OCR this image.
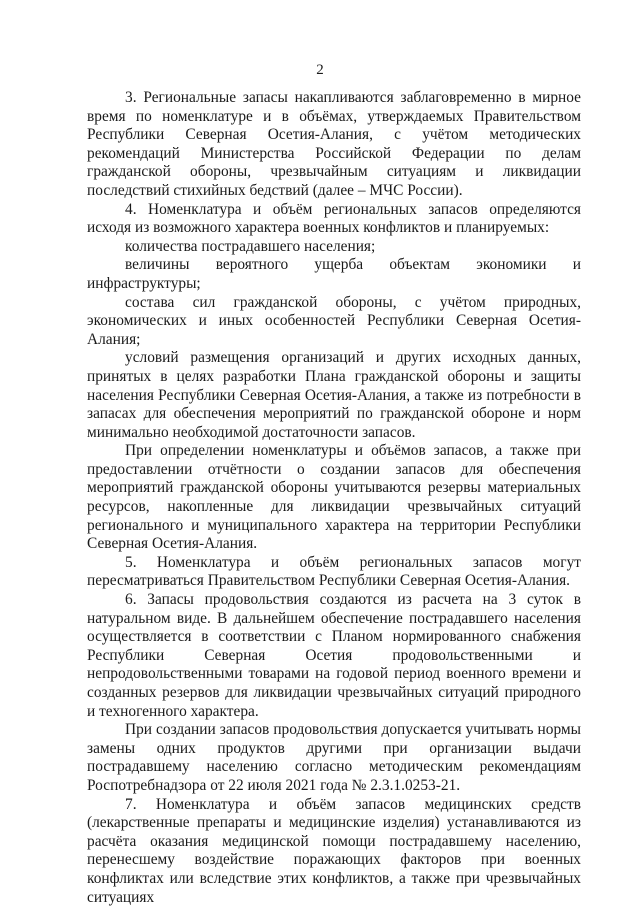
2

3. Региональные запасы накапливаются заблаговременно в мирное время по номенклатуре и в объёмах, утверждаемых Правительством Республики Северная Осетия-Алания, с учётом методических рекомендаций Министерства Российской Федерации по делам гражданской обороны, чрезвычайным ситуациям и ликвидации последствий стихийных бедствий (далее – МЧС России).

4. Номенклатура и объём региональных запасов определяются исходя из возможного характера военных конфликтов и планируемых:

количества пострадавшего населения;

величины вероятного ущерба объектам экономики и инфраструктуры;

состава сил гражданской обороны, с учётом природных, экономических и иных особенностей Республики Северная Осетия-Алания;

условий размещения организаций и других исходных данных, принятых в целях разработки Плана гражданской обороны и защиты населения Республики Северная Осетия-Алания, а также из потребности в запасах для обеспечения мероприятий по гражданской обороне и норм минимально необходимой достаточности запасов.

При определении номенклатуры и объёмов запасов, а также при предоставлении отчётности о создании запасов для обеспечения мероприятий гражданской обороны учитываются резервы материальных ресурсов, накопленные для ликвидации чрезвычайных ситуаций регионального и муниципального характера на территории Республики Северная Осетия-Алания.

5. Номенклатура и объём региональных запасов могут пересматриваться Правительством Республики Северная Осетия-Алания.

6. Запасы продовольствия создаются из расчета на 3 суток в натуральном виде. В дальнейшем обеспечение пострадавшего населения осуществляется в соответствии с Планом нормированного снабжения Республики Северная Осетия продовольственными и непродовольственными товарами на годовой период военного времени и созданных резервов для ликвидации чрезвычайных ситуаций природного и техногенного характера.

При создании запасов продовольствия допускается учитывать нормы замены одних продуктов другими при организации выдачи пострадавшему населению согласно методическим рекомендациям Роспотребнадзора от 22 июля 2021 года № 2.3.1.0253-21.

7. Номенклатура и объём запасов медицинских средств (лекарственные препараты и медицинские изделия) устанавливаются из расчёта оказания медицинской помощи пострадавшему населению, перенесшему воздействие поражающих факторов при военных конфликтах или вследствие этих конфликтов, а также при чрезвычайных ситуациях
